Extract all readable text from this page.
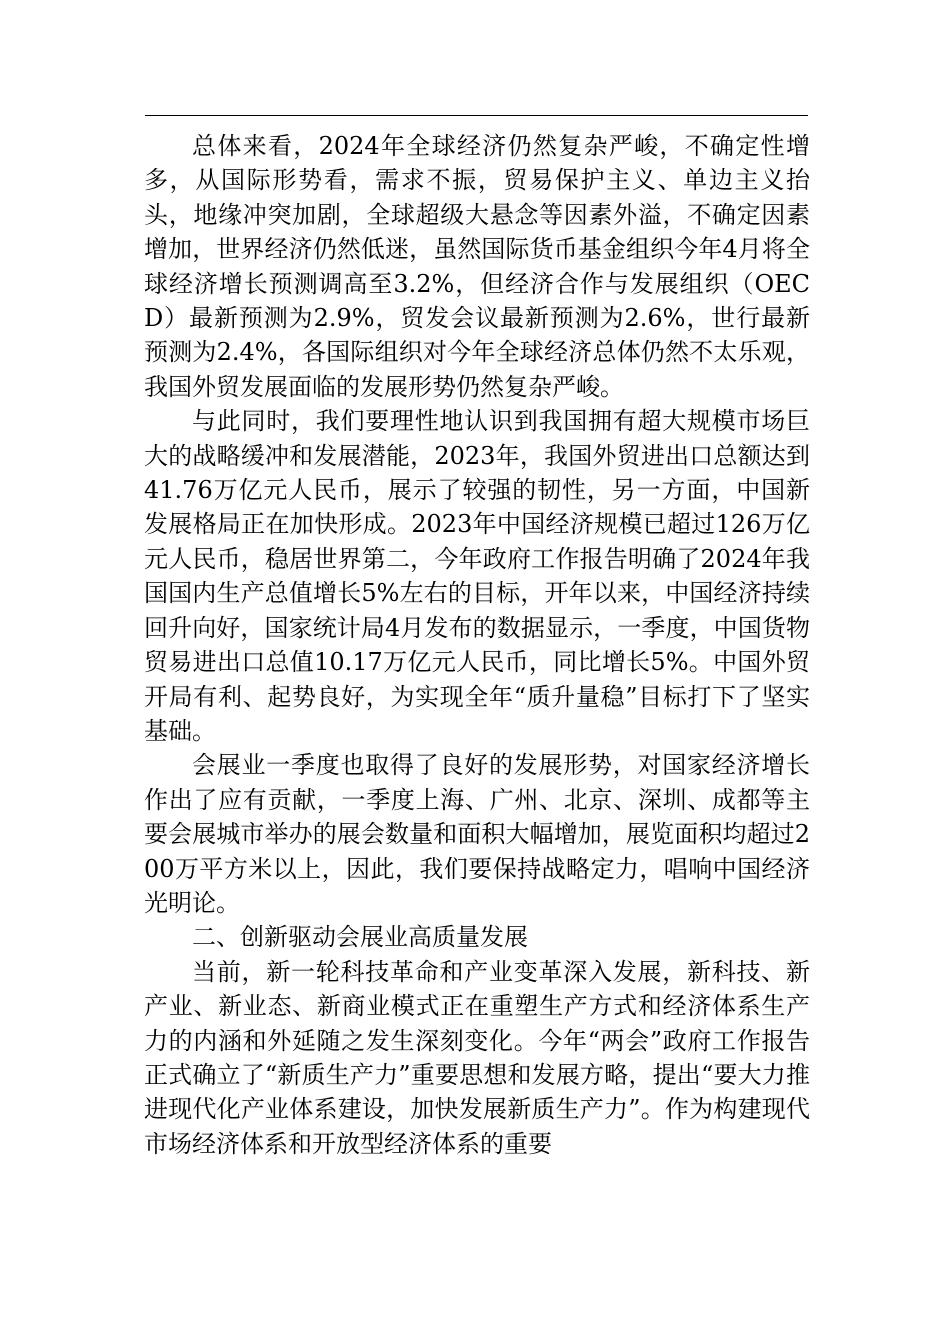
总体来看，2024年全球经济仍然复杂严峻，不确定性增多，从国际形势看，需求不振，贸易保护主义、单边主义抬头，地缘冲突加剧，全球超级大悬念等因素外溢，不确定因素增加，世界经济仍然低迷，虽然国际货币基金组织今年4月将全球经济增长预测调高至3.2%，但经济合作与发展组织（OECD）最新预测为2.9%，贸发会议最新预测为2.6%，世行最新预测为2.4%，各国际组织对今年全球经济总体仍然不太乐观，我国外贸发展面临的发展形势仍然复杂严峻。

与此同时，我们要理性地认识到我国拥有超大规模市场巨大的战略缓冲和发展潜能，2023年，我国外贸进出口总额达到41.76万亿元人民币，展示了较强的韧性，另一方面，中国新发展格局正在加快形成。2023年中国经济规模已超过126万亿元人民币，稳居世界第二，今年政府工作报告明确了2024年我国国内生产总值增长5%左右的目标，开年以来，中国经济持续回升向好，国家统计局4月发布的数据显示，一季度，中国货物贸易进出口总值10.17万亿元人民币，同比增长5%。中国外贸开局有利、起势良好，为实现全年“质升量稳”目标打下了坚实基础。

会展业一季度也取得了良好的发展形势，对国家经济增长作出了应有贡献，一季度上海、广州、北京、深圳、成都等主要会展城市举办的展会数量和面积大幅增加，展览面积均超过200万平方米以上，因此，我们要保持战略定力，唱响中国经济光明论。

二、创新驱动会展业高质量发展

当前，新一轮科技革命和产业变革深入发展，新科技、新产业、新业态、新商业模式正在重塑生产方式和经济体系生产力的内涵和外延随之发生深刻变化。今年“两会”政府工作报告正式确立了“新质生产力”重要思想和发展方略，提出“要大力推进现代化产业体系建设，加快发展新质生产力”。作为构建现代市场经济体系和开放型经济体系的重要
